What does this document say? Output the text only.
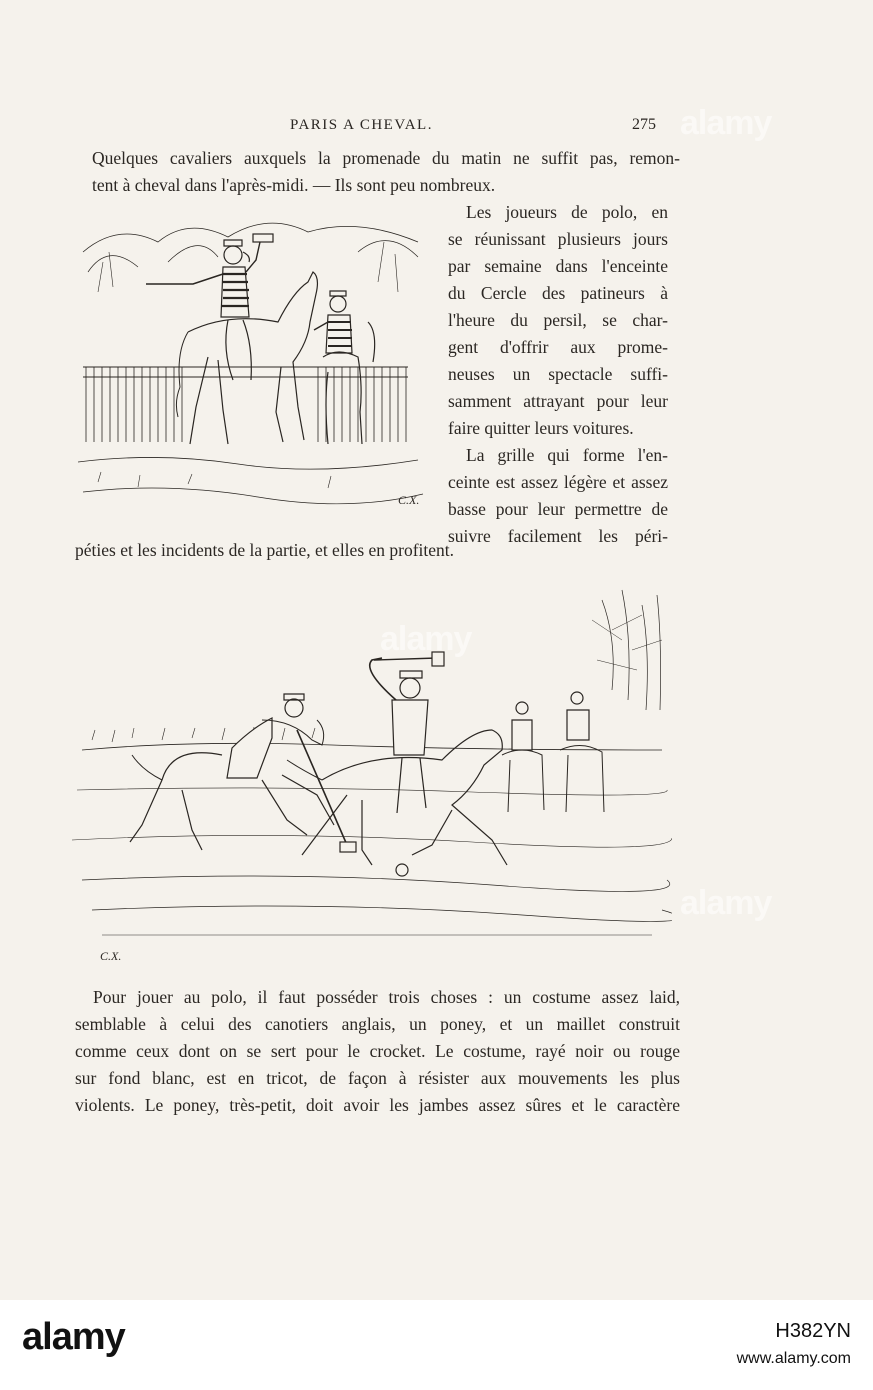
PARIS A CHEVAL.	275
Quelques cavaliers auxquels la promenade du matin ne suffit pas, remon-
tent à cheval dans l'après-midi. — Ils sont peu nombreux.
C.X.
Les joueurs de polo, en
se réunissant plusieurs jours
par semaine dans l'enceinte
du Cercle des patineurs à
l'heure du persil, se char-
gent d'offrir aux prome-
neuses un spectacle suffi-
samment attrayant pour leur
faire quitter leurs voitures.
La grille qui forme l'en-
ceinte est assez légère et assez
basse pour leur permettre de
suivre facilement les péri-
péties et les incidents de la partie, et elles en profitent.
C.X.
Pour jouer au polo, il faut posséder trois choses : un costume assez laid,
semblable à celui des canotiers anglais, un poney, et un maillet construit
comme ceux dont on se sert pour le crocket. Le costume, rayé noir ou rouge
sur fond blanc, est en tricot, de façon à résister aux mouvements les plus
violents. Le poney, très-petit, doit avoir les jambes assez sûres et le caractère
alamy
alamy
alamy
alamy	H382YN
www.alamy.com
